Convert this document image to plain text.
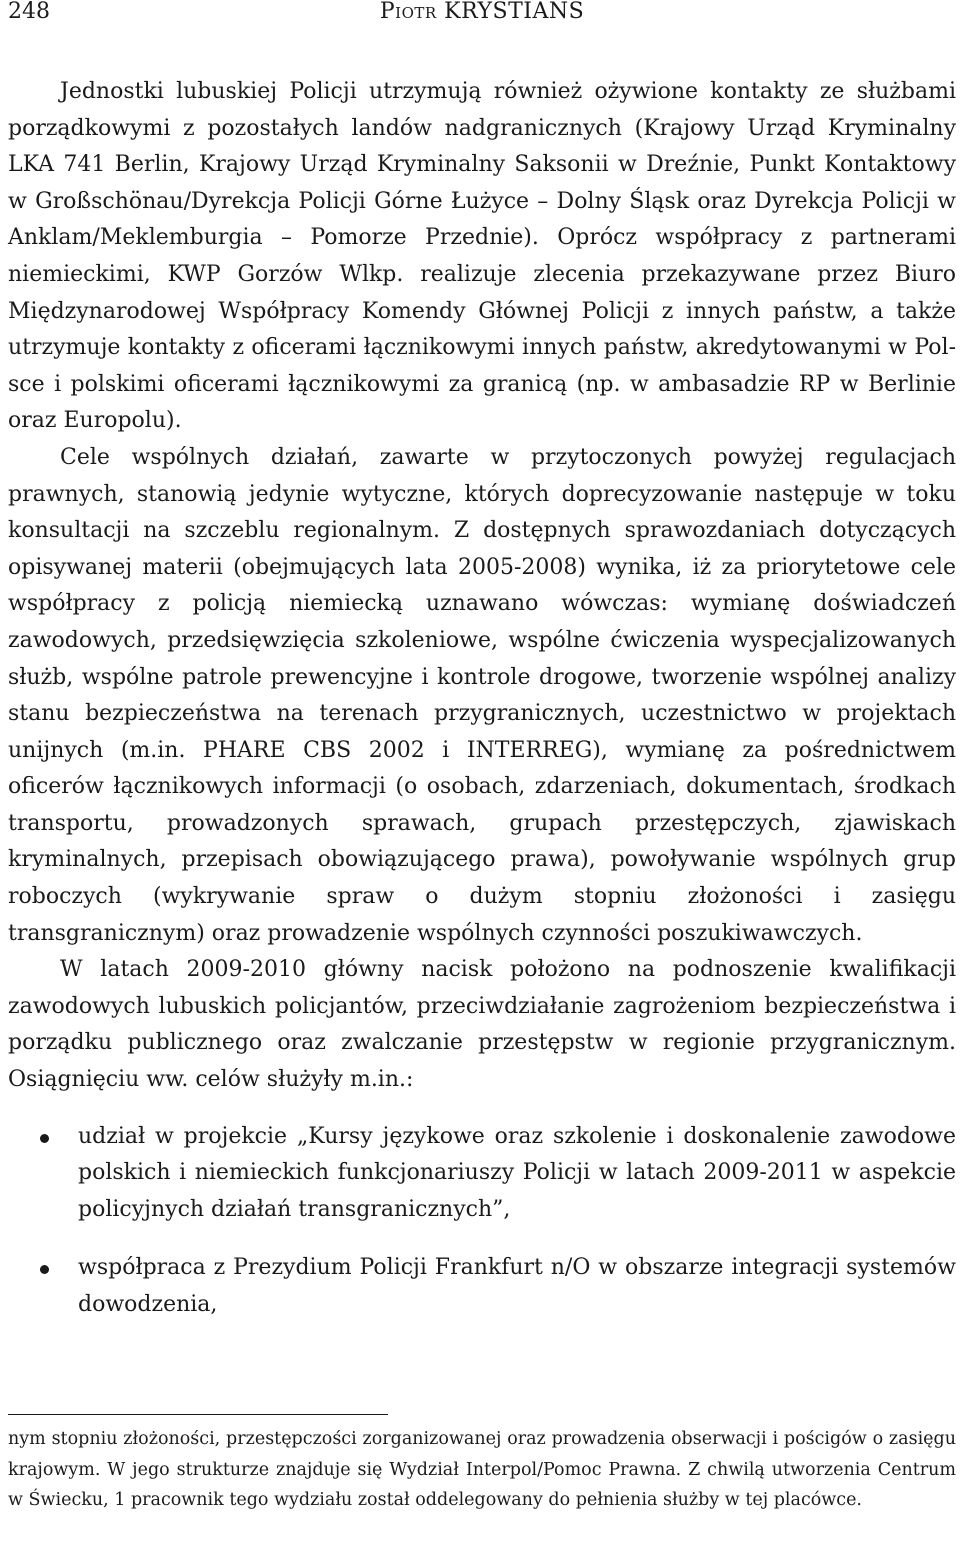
248	Piotr KRYSTIANS

Jednostki lubuskiej Policji utrzymują również ożywione kontakty ze służbami porządkowymi z pozostałych landów nadgranicznych (Krajowy Urząd Kryminalny LKA 741 Berlin, Krajowy Urząd Kryminalny Saksonii w Dreźnie, Punkt Kontaktowy w Großschönau/Dyrekcja Policji Górne Łużyce – Dolny Śląsk oraz Dyrekcja Policji w Anklam/Meklemburgia – Pomorze Przednie). Oprócz współpracy z partnerami niemieckimi, KWP Gorzów Wlkp. realizuje zlecenia przekazywane przez Biuro Międzynarodowej Współpracy Komendy Głównej Policji z innych państw, a także utrzymuje kontakty z oficerami łącznikowymi innych państw, akredytowanymi w Polsce i polskimi oficerami łącznikowymi za granicą (np. w ambasadzie RP w Berlinie oraz Europolu).

Cele wspólnych działań, zawarte w przytoczonych powyżej regulacjach prawnych, stanowią jedynie wytyczne, których doprecyzowanie następuje w toku konsultacji na szczeblu regionalnym. Z dostępnych sprawozdaniach dotyczących opisywanej materii (obejmujących lata 2005-2008) wynika, iż za priorytetowe cele współpracy z policją niemiecką uznawano wówczas: wymianę doświadczeń zawodowych, przedsięwzięcia szkoleniowe, wspólne ćwiczenia wyspecjalizowanych służb, wspólne patrole prewencyjne i kontrole drogowe, tworzenie wspólnej analizy stanu bezpieczeństwa na terenach przygranicznych, uczestnictwo w projektach unijnych (m.in. PHARE CBS 2002 i INTERREG), wymianę za pośrednictwem oficerów łącznikowych informacji (o osobach, zdarzeniach, dokumentach, środkach transportu, prowadzonych sprawach, grupach przestępczych, zjawiskach kryminalnych, przepisach obowiązującego prawa), powoływanie wspólnych grup roboczych (wykrywanie spraw o dużym stopniu złożoności i zasięgu transgranicznym) oraz prowadzenie wspólnych czynności poszukiwawczych.

W latach 2009-2010 główny nacisk położono na podnoszenie kwalifikacji zawodowych lubuskich policjantów, przeciwdziałanie zagrożeniom bezpieczeństwa i porządku publicznego oraz zwalczanie przestępstw w regionie przygranicznym. Osiągnięciu ww. celów służyły m.in.:

udział w projekcie „Kursy językowe oraz szkolenie i doskonalenie zawodowe polskich i niemieckich funkcjonariuszy Policji w latach 2009-2011 w aspekcie policyjnych działań transgranicznych”,
współpraca z Prezydium Policji Frankfurt n/O w obszarze integracji systemów dowodzenia,
nym stopniu złożoności, przestępczości zorganizowanej oraz prowadzenia obserwacji i pościgów o zasięgu krajowym. W jego strukturze znajduje się Wydział Interpol/Pomoc Prawna. Z chwilą utworzenia Centrum w Świecku, 1 pracownik tego wydziału został oddelegowany do pełnienia służby w tej placówce.
